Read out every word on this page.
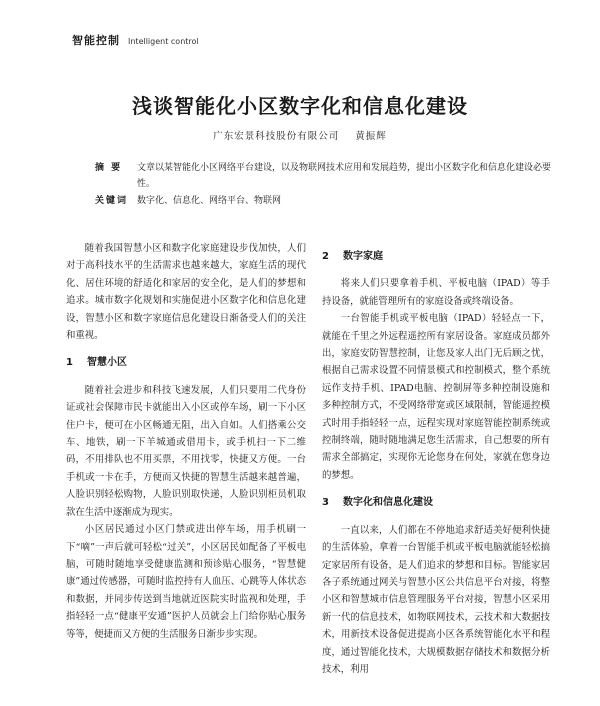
智能控制 Intelligent control
浅谈智能化小区数字化和信息化建设
广东宏景科技股份有限公司 黄振辉
摘 要	文章以某智能化小区网络平台建设，以及物联网技术应用和发展趋势，提出小区数字化和信息化建设必要性。
关键词 数字化、信息化、网络平台、物联网

随着我国智慧小区和数字化家庭建设步伐加快，人们对于高科技水平的生活需求也越来越大，家庭生活的现代化、居住环境的舒适化和家居的安全化，是人们的梦想和追求。城市数字化规划和实施促进小区数字化和信息化建设，智慧小区和数字家庭信息化建设日渐备受人们的关注和重视。

1 智慧小区

随着社会进步和科技飞速发展，人们只要用二代身份证或社会保障市民卡就能出入小区或停车场，刷一下小区住户卡，便可在小区畅通无阻，出入自如。人们搭乘公交车、地铁，刷一下羊城通或借用卡，或手机扫一下二维码，不用排队也不用买票，不用找零，快捷又方便。一台手机或一卡在手，方便而又快捷的智慧生活越来越普遍，人脸识别轻松购物，人脸识别取快递，人脸识别柜员机取款在生活中逐渐成为现实。

小区居民通过小区门禁或进出停车场，用手机刷一下“嘀”一声后就可轻松“过关”，小区居民如配备了平板电脑，可随时随地享受健康监测和预诊贴心服务，“智慧健康”通过传感器，可随时监控持有人血压、心跳等人体状态和数据，并同步传送到当地就近医院实时监视和处理，手指轻轻一点“健康平安通”医护人员就会上门给你贴心服务等等，便捷而又方便的生活服务日渐步步实现。

2 数字家庭

将来人们只要拿着手机、平板电脑（IPAD）等手持设备，就能管理所有的家庭设备或终端设备。

一台智能手机或平板电脑（IPAD）轻轻点一下，就能在千里之外远程遥控所有家居设备。家庭成员都外出，家庭安防智慧控制，让您及家人出门无后顾之忧，根据自己需求设置不同情景模式和控制模式，整个系统远作支持手机、IPAD电脑、控制屏等多种控制设施和多种控制方式，不受网络带宽或区域限制，智能遥控模式时用手指轻轻一点，远程实现对家庭智能控制系统或控制终端，随时随地满足您生活需求，自己想要的所有需求全部搞定，实现你无论您身在何处，家就在您身边的梦想。

3 数字化和信息化建设

一直以来，人们都在不停地追求舒适美好便利快捷的生活体验，拿着一台智能手机或平板电脑就能轻松搞定家居所有设备，是人们追求的梦想和目标。智能家居各子系统通过网关与智慧小区公共信息平台对接，将整小区和智慧城市信息管理服务平台对接，智慧小区采用新一代的信息技术，如物联网技术，云技术和大数据技术，用新技术设备促进提高小区各系统智能化水平和程度，通过智能化技术，大规模数据存储技术和数据分析技术，利用
